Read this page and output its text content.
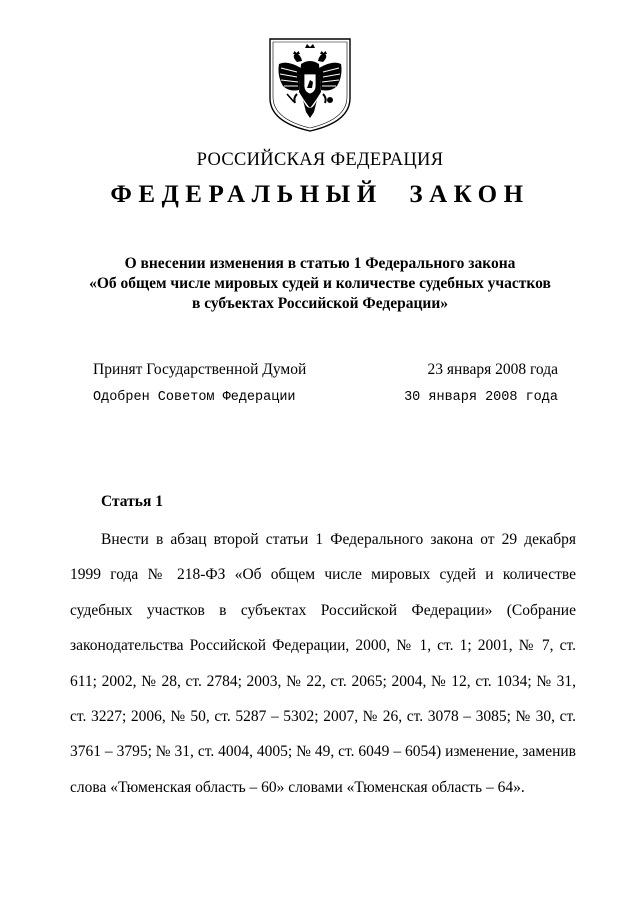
РОССИЙСКАЯ ФЕДЕРАЦИЯ
ФЕДЕРАЛЬНЫЙ ЗАКОН
О внесении изменения в статью 1 Федерального закона
«Об общем числе мировых судей и количестве судебных участков
в субъектах Российской Федерации»
Принят Государственной Думой	23 января 2008 года
Одобрен Советом Федерации	30 января 2008 года
Статья 1

Внести в абзац второй статьи 1 Федерального закона от 29 декабря 1999 года № 218-ФЗ «Об общем числе мировых судей и количестве судебных участков в субъектах Российской Федерации» (Собрание законодательства Российской Федерации, 2000, № 1, ст. 1; 2001, № 7, ст. 611; 2002, № 28, ст. 2784; 2003, № 22, ст. 2065; 2004, № 12, ст. 1034; № 31, ст. 3227; 2006, № 50, ст. 5287 – 5302; 2007, № 26, ст. 3078 – 3085; № 30, ст. 3761 – 3795; № 31, ст. 4004, 4005; № 49, ст. 6049 – 6054) изменение, заменив слова «Тюменская область – 60» словами «Тюменская область – 64».
